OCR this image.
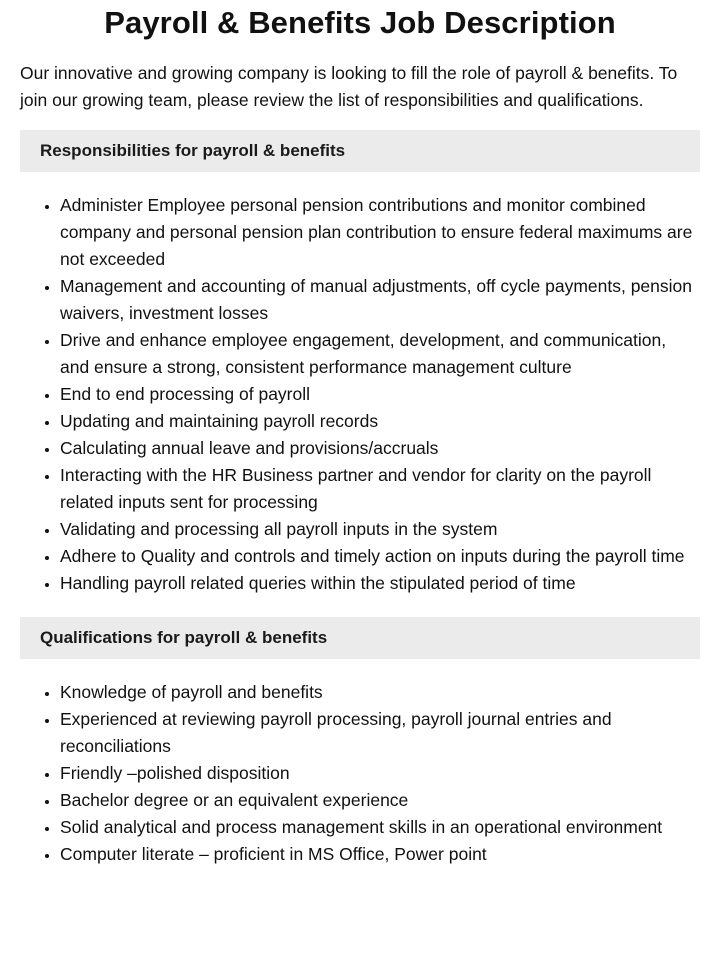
Payroll & Benefits Job Description

Our innovative and growing company is looking to fill the role of payroll & benefits. To join our growing team, please review the list of responsibilities and qualifications.

Responsibilities for payroll & benefits
• Administer Employee personal pension contributions and monitor combined company and personal pension plan contribution to ensure federal maximums are not exceeded
• Management and accounting of manual adjustments, off cycle payments, pension waivers, investment losses
• Drive and enhance employee engagement, development, and communication, and ensure a strong, consistent performance management culture
• End to end processing of payroll
• Updating and maintaining payroll records
• Calculating annual leave and provisions/accruals
• Interacting with the HR Business partner and vendor for clarity on the payroll related inputs sent for processing
• Validating and processing all payroll inputs in the system
• Adhere to Quality and controls and timely action on inputs during the payroll time
• Handling payroll related queries within the stipulated period of time
Qualifications for payroll & benefits
• Knowledge of payroll and benefits
• Experienced at reviewing payroll processing, payroll journal entries and reconciliations
• Friendly –polished disposition
• Bachelor degree or an equivalent experience
• Solid analytical and process management skills in an operational environment
• Computer literate – proficient in MS Office, Power point
